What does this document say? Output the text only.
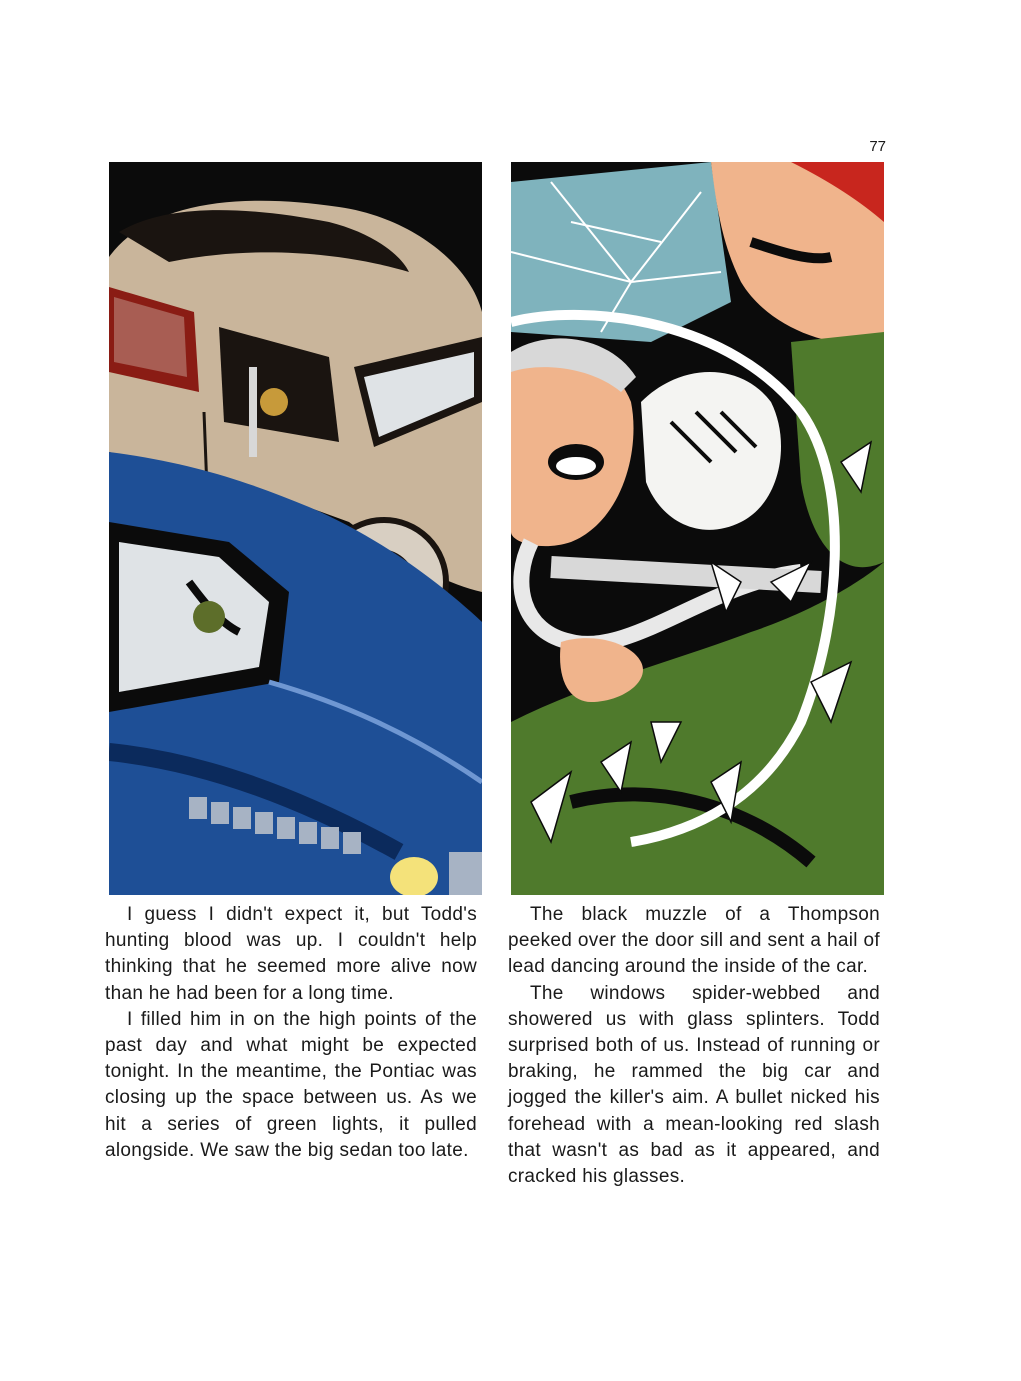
77

I guess I didn't expect it, but Todd's hunting blood was up. I couldn't help thinking that he seemed more alive now than he had been for a long time.

I filled him in on the high points of the past day and what might be expected tonight. In the meantime, the Pontiac was closing up the space between us. As we hit a series of green lights, it pulled alongside. We saw the big sedan too late.

The black muzzle of a Thompson peeked over the door sill and sent a hail of lead dancing around the inside of the car.

The windows spider-webbed and showered us with glass splinters. Todd surprised both of us. Instead of running or braking, he rammed the big car and jogged the killer's aim. A bullet nicked his forehead with a mean-looking red slash that wasn't as bad as it appeared, and cracked his glasses.
